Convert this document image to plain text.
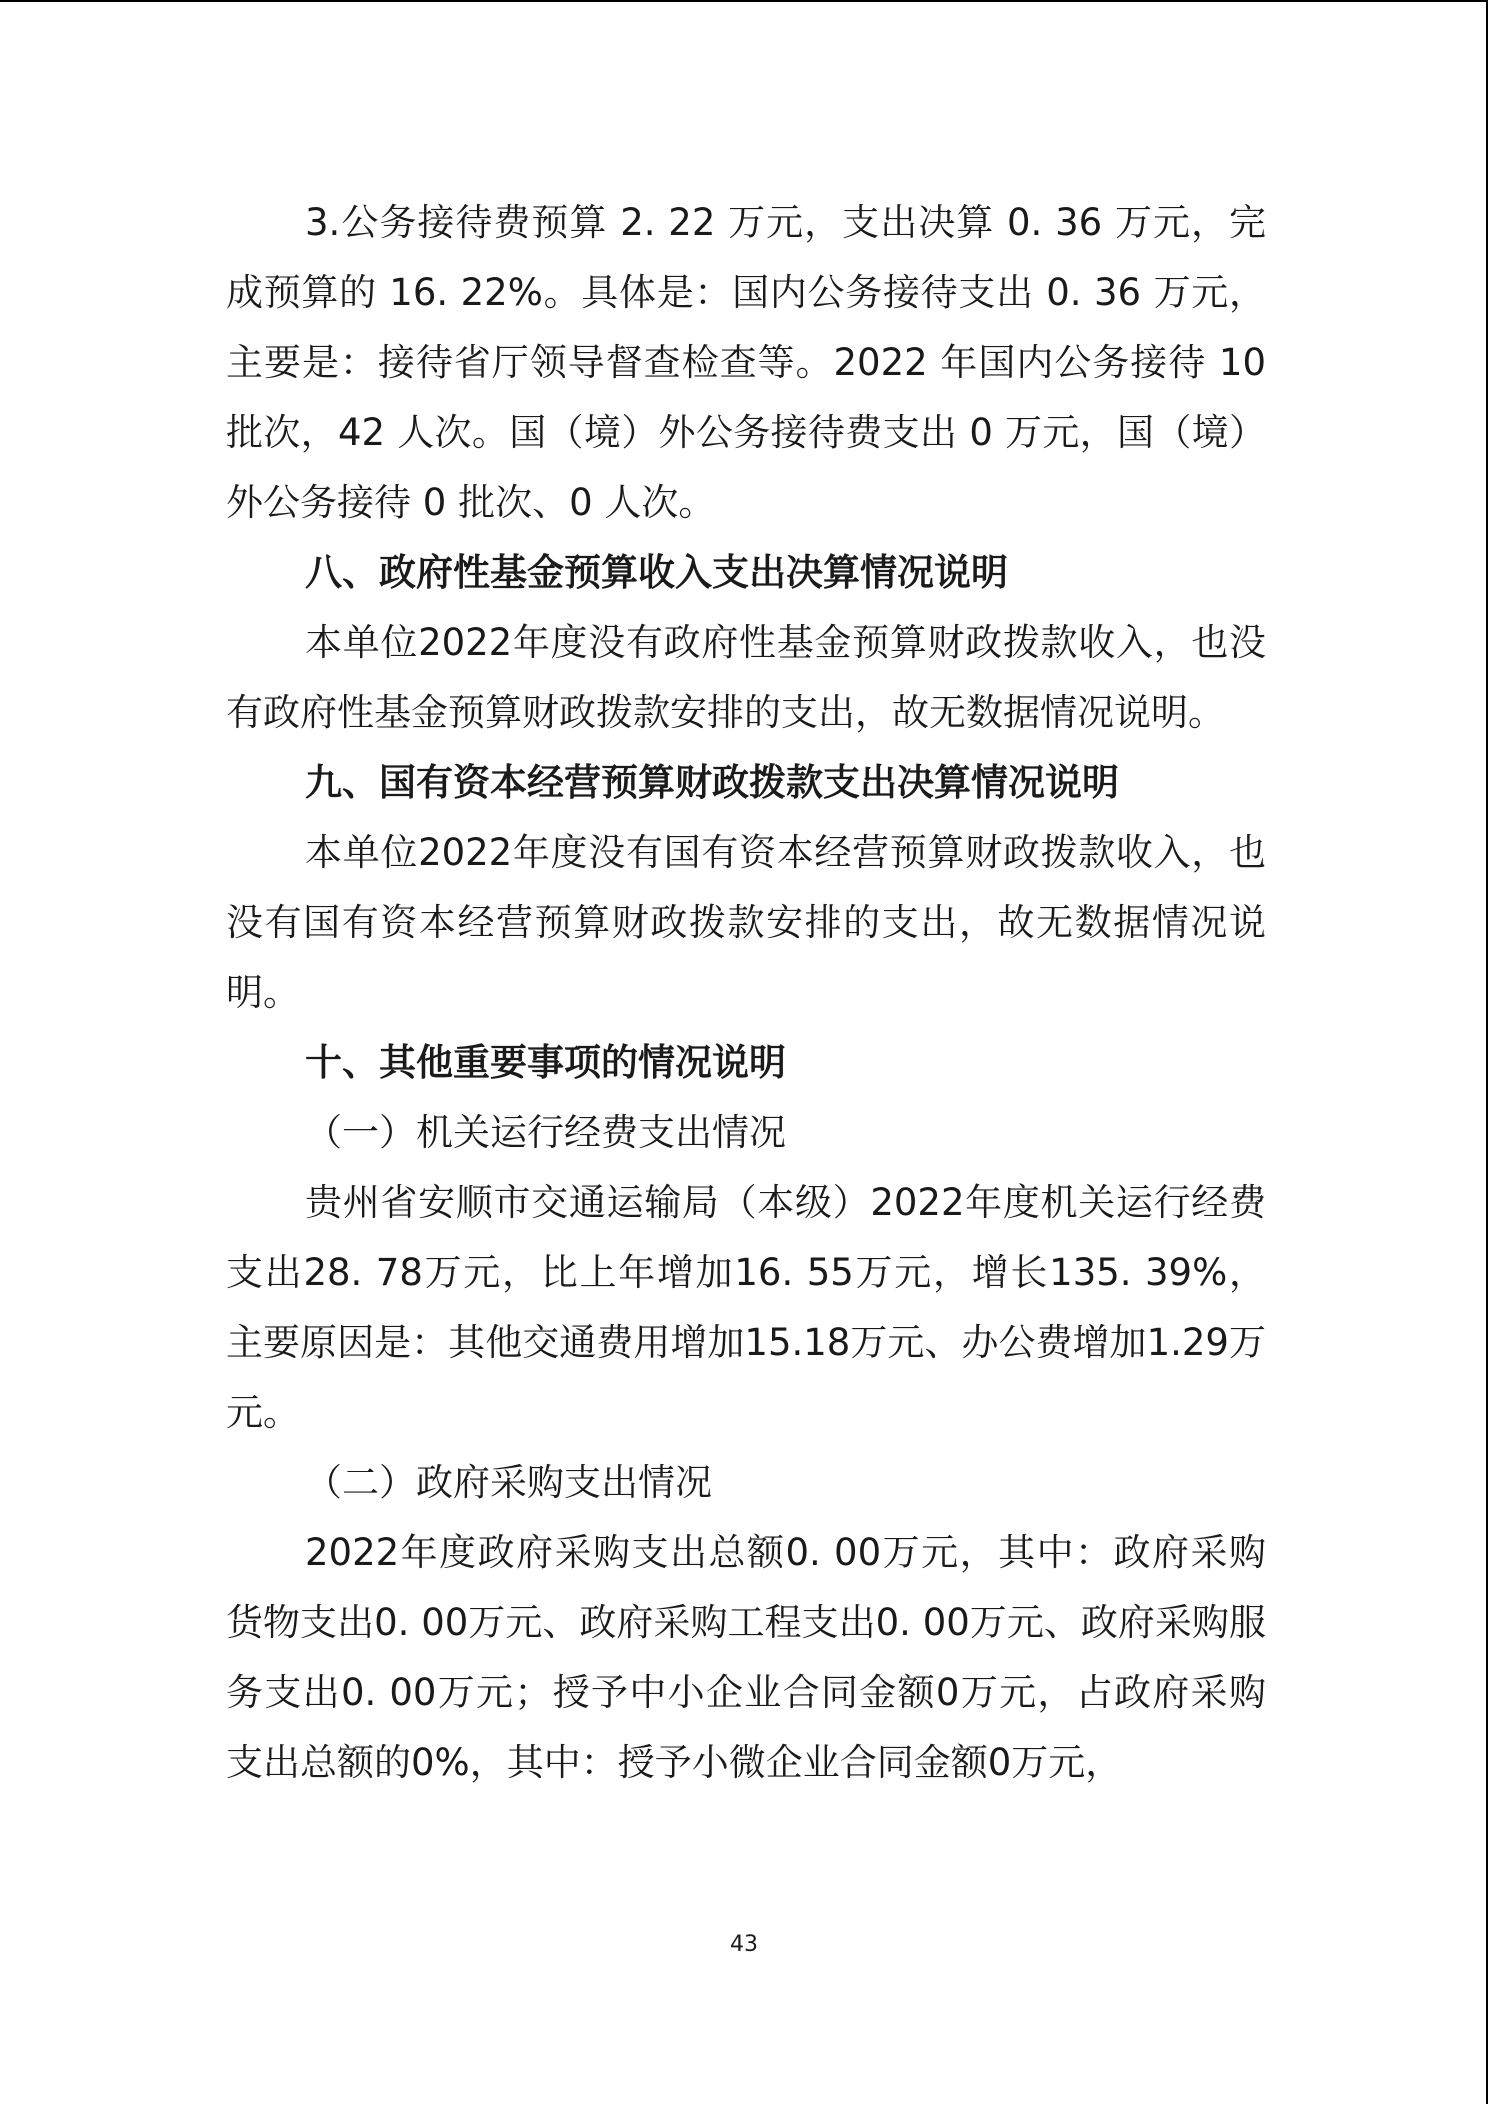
3.公务接待费预算 2. 22 万元，支出决算 0. 36 万元，完成预算的 16. 22%。具体是：国内公务接待支出 0. 36 万元，主要是：接待省厅领导督查检查等。2022 年国内公务接待 10 批次，42 人次。国（境）外公务接待费支出 0 万元，国（境）外公务接待 0 批次、0 人次。

八、政府性基金预算收入支出决算情况说明

本单位2022年度没有政府性基金预算财政拨款收入，也没有政府性基金预算财政拨款安排的支出，故无数据情况说明。

九、国有资本经营预算财政拨款支出决算情况说明

本单位2022年度没有国有资本经营预算财政拨款收入，也没有国有资本经营预算财政拨款安排的支出，故无数据情况说明。

十、其他重要事项的情况说明

（一）机关运行经费支出情况

贵州省安顺市交通运输局（本级）2022年度机关运行经费支出28. 78万元，比上年增加16. 55万元，增长135. 39%，主要原因是：其他交通费用增加15.18万元、办公费增加1.29万元。

（二）政府采购支出情况

2022年度政府采购支出总额0. 00万元，其中：政府采购货物支出0. 00万元、政府采购工程支出0. 00万元、政府采购服务支出0. 00万元；授予中小企业合同金额0万元，占政府采购支出总额的0%，其中：授予小微企业合同金额0万元，

43
